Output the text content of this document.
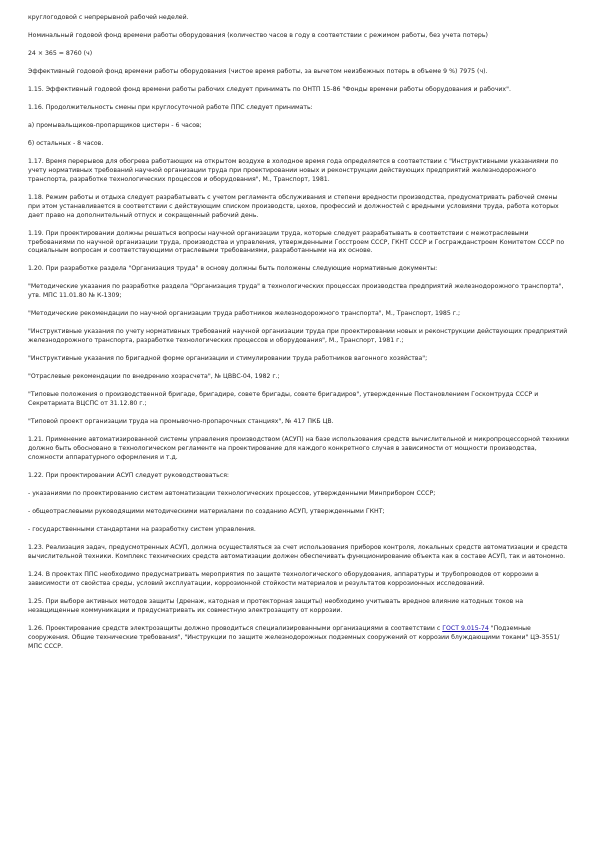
круглогодовой с непрерывной рабочей неделей.

Номинальный годовой фонд времени работы оборудования (количество часов в году в соответствии с режимом работы, без учета потерь)

24 × 365 = 8760 (ч)

Эффективный годовой фонд времени работы оборудования (чистое время работы, за вычетом неизбежных потерь в объеме 9 %) 7975 (ч).

1.15. Эффективный годовой фонд времени работы рабочих следует принимать по ОНТП 15-86 "Фонды времени работы оборудования и рабочих".

1.16. Продолжительность смены при круглосуточной работе ППС следует принимать:

а) промывальщиков-пропарщиков цистерн - 6 часов;

б) остальных - 8 часов.

1.17. Время перерывов для обогрева работающих на открытом воздухе в холодное время года определяется в соответствии с "Инструктивными указаниями по учету нормативных требований научной организации труда при проектировании новых и реконструкции действующих предприятий железнодорожного транспорта, разработке технологических процессов и оборудования", М., Транспорт, 1981.

1.18. Режим работы и отдыха следует разрабатывать с учетом регламента обслуживания и степени вредности производства, предусматривать рабочей смены при этом устанавливается в соответствии с действующим списком производств, цехов, профессий и должностей с вредными условиями труда, работа которых дает право на дополнительный отпуск и сокращенный рабочий день.

1.19. При проектировании должны решаться вопросы научной организации труда, которые следует разрабатывать в соответствии с межотраслевыми требованиями по научной организации труда, производства и управления, утвержденными Госстроем СССР, ГКНТ СССР и Госгражданстроем Комитетом СССР по социальным вопросам и соответствующими отраслевыми требованиями, разработанными на их основе.

1.20. При разработке раздела "Организация труда" в основу должны быть положены следующие нормативные документы:

"Методические указания по разработке раздела "Организация труда" в технологических процессах производства предприятий железнодорожного транспорта", утв. МПС 11.01.80 № К-1309;

"Методические рекомендации по научной организации труда работников железнодорожного транспорта", М., Транспорт, 1985 г.;

"Инструктивные указания по учету нормативных требований научной организации труда при проектировании новых и реконструкции действующих предприятий железнодорожного транспорта, разработке технологических процессов и оборудования", М., Транспорт, 1981 г.;

"Инструктивные указания по бригадной форме организации и стимулировании труда работников вагонного хозяйства";

"Отраслевые рекомендации по внедрению хозрасчета", № ЦВВС-04, 1982 г.;

"Типовые положения о производственной бригаде, бригадире, совете бригады, совете бригадиров", утвержденные Постановлением Госкомтруда СССР и Секретариата ВЦСПС от 31.12.80 г.;

"Типовой проект организации труда на промывочно-пропарочных станциях", № 417 ПКБ ЦВ.

1.21. Применение автоматизированной системы управления производством (АСУП) на базе использования средств вычислительной и микропроцессорной техники должно быть обосновано в технологическом регламенте на проектирование для каждого конкретного случая в зависимости от мощности производства, сложности аппаратурного оформления и т.д.

1.22. При проектировании АСУП следует руководствоваться:

- указаниями по проектированию систем автоматизации технологических процессов, утвержденными Минприбором СССР;

- общеотраслевыми руководящими методическими материалами по созданию АСУП, утвержденными ГКНТ;

- государственными стандартами на разработку систем управления.

1.23. Реализация задач, предусмотренных АСУП, должна осуществляться за счет использования приборов контроля, локальных средств автоматизации и средств вычислительной техники. Комплекс технических средств автоматизации должен обеспечивать функционирование объекта как в составе АСУП, так и автономно.

1.24. В проектах ППС необходимо предусматривать мероприятия по защите технологического оборудования, аппаратуры и трубопроводов от коррозии в зависимости от свойства среды, условий эксплуатации, коррозионной стойкости материалов и результатов коррозионных исследований.

1.25. При выборе активных методов защиты (дренаж, катодная и протекторная защиты) необходимо учитывать вредное влияние катодных токов на незащищенные коммуникации и предусматривать их совместную электрозащиту от коррозии.

1.26. Проектирование средств электрозащиты должно проводиться специализированными организациями в соответствии с ГОСТ 9.015-74 "Подземные сооружения. Общие технические требования", "Инструкции по защите железнодорожных подземных сооружений от коррозии блуждающими токами" ЦЭ-3551/МПС СССР.
